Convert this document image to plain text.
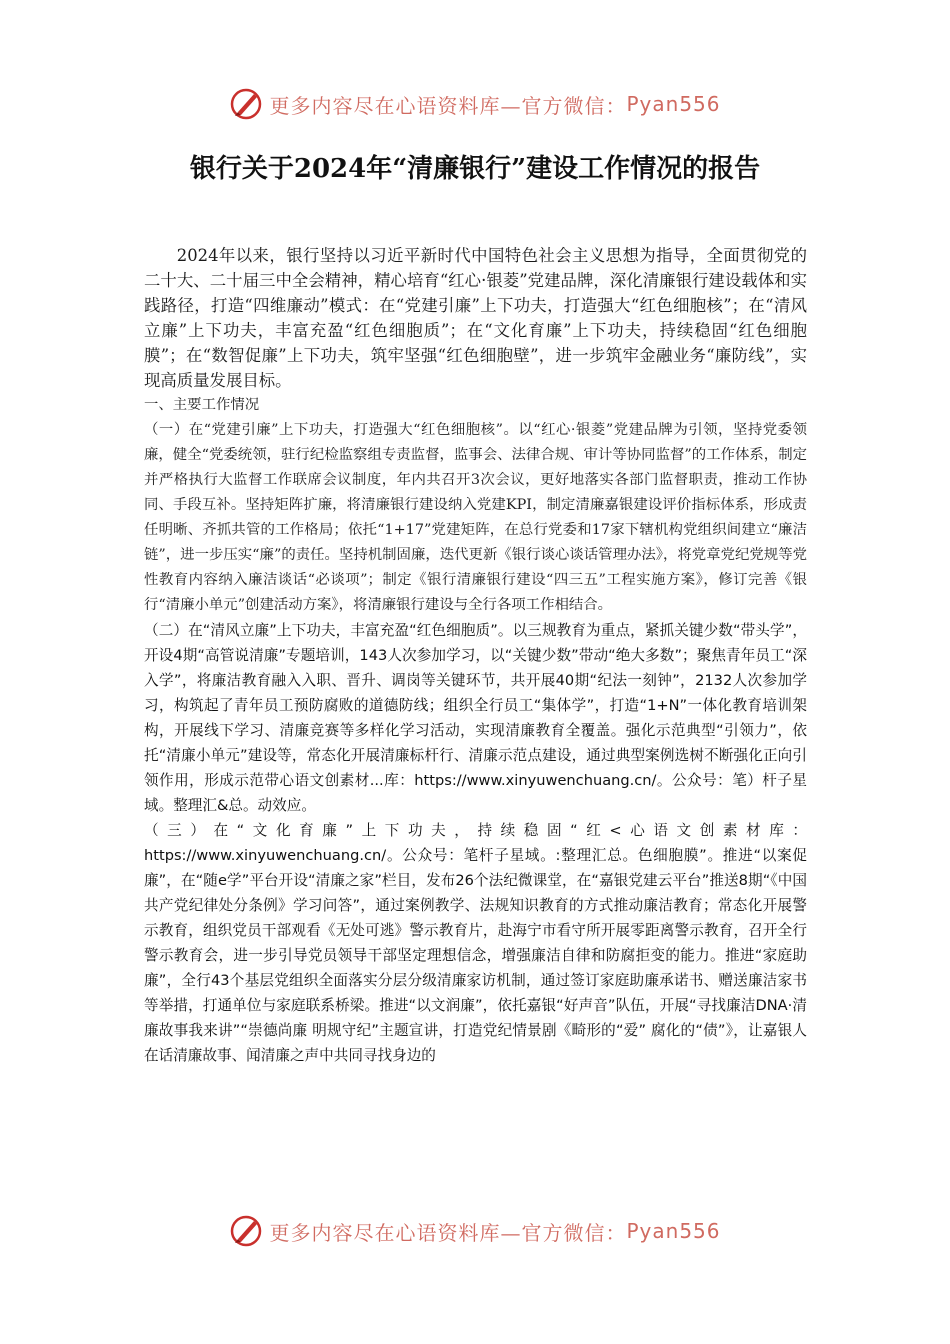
更多内容尽在心语资料库—官方微信： Pyan556
银行关于2024年“清廉银行”建设工作情况的报告

2024年以来，银行坚持以习近平新时代中国特色社会主义思想为指导，全面贯彻党的二十大、二十届三中全会精神，精心培育“红心·银菱”党建品牌，深化清廉银行建设载体和实践路径，打造“四维廉动”模式：在“党建引廉”上下功夫，打造强大“红色细胞核”；在“清风立廉”上下功夫，丰富充盈“红色细胞质”；在“文化育廉”上下功夫，持续稳固“红色细胞膜”；在“数智促廉”上下功夫，筑牢坚强“红色细胞壁”，进一步筑牢金融业务“廉防线”，实现高质量发展目标。

一、主要工作情况

（一）在“党建引廉”上下功夫，打造强大“红色细胞核”。以“红心·银菱”党建品牌为引领，坚持党委领廉，健全“党委统领，驻行纪检监察组专责监督，监事会、法律合规、审计等协同监督”的工作体系，制定并严格执行大监督工作联席会议制度，年内共召开3次会议，更好地落实各部门监督职责，推动工作协同、手段互补。坚持矩阵扩廉，将清廉银行建设纳入党建KPI，制定清廉嘉银建设评价指标体系，形成责任明晰、齐抓共管的工作格局；依托“1+17”党建矩阵，在总行党委和17家下辖机构党组织间建立“廉洁链”，进一步压实“廉”的责任。坚持机制固廉，迭代更新《银行谈心谈话管理办法》，将党章党纪党规等党性教育内容纳入廉洁谈话“必谈项”；制定《银行清廉银行建设“四三五”工程实施方案》，修订完善《银行“清廉小单元”创建活动方案》，将清廉银行建设与全行各项工作相结合。

（二）在“清风立廉”上下功夫，丰富充盈“红色细胞质”。以三规教育为重点，紧抓关键少数“带头学”，开设4期“高管说清廉”专题培训，143人次参加学习，以“关键少数”带动“绝大多数”；聚焦青年员工“深入学”，将廉洁教育融入入职、晋升、调岗等关键环节，共开展40期“纪法一刻钟”，2132人次参加学习，构筑起了青年员工预防腐败的道德防线；组织全行员工“集体学”，打造“1+N”一体化教育培训架构，开展线下学习、清廉竞赛等多样化学习活动，实现清廉教育全覆盖。强化示范典型“引领力”，依托“清廉小单元”建设等，常态化开展清廉标杆行、清廉示范点建设，通过典型案例选树不断强化正向引领作用，形成示范带心语文创素材...库：https://www.xinyuwenchuang.cn/。公众号：笔）杆子星域。整理汇&总。动效应。

（三）在“文化育廉”上下功夫，持续稳固“红<心语文创素材库：https://www.xinyuwenchuang.cn/。公众号：笔杆子星域。:整理汇总。色细胞膜”。推进“以案促廉”，在“随e学”平台开设“清廉之家”栏目，发布26个法纪微课堂，在“嘉银党建云平台”推送8期“《中国共产党纪律处分条例》学习问答”，通过案例教学、法规知识教育的方式推动廉洁教育；常态化开展警示教育，组织党员干部观看《无处可逃》警示教育片，赴海宁市看守所开展零距离警示教育，召开全行警示教育会，进一步引导党员领导干部坚定理想信念，增强廉洁自律和防腐拒变的能力。推进“家庭助廉”，全行43个基层党组织全面落实分层分级清廉家访机制，通过签订家庭助廉承诺书、赠送廉洁家书等举措，打通单位与家庭联系桥梁。推进“以文润廉”，依托嘉银“好声音”队伍，开展“寻找廉洁DNA·清廉故事我来讲”“崇德尚廉 明规守纪”主题宣讲，打造党纪情景剧《畸形的“爱” 腐化的“债”》，让嘉银人在话清廉故事、闻清廉之声中共同寻找身边的

更多内容尽在心语资料库—官方微信： Pyan556
